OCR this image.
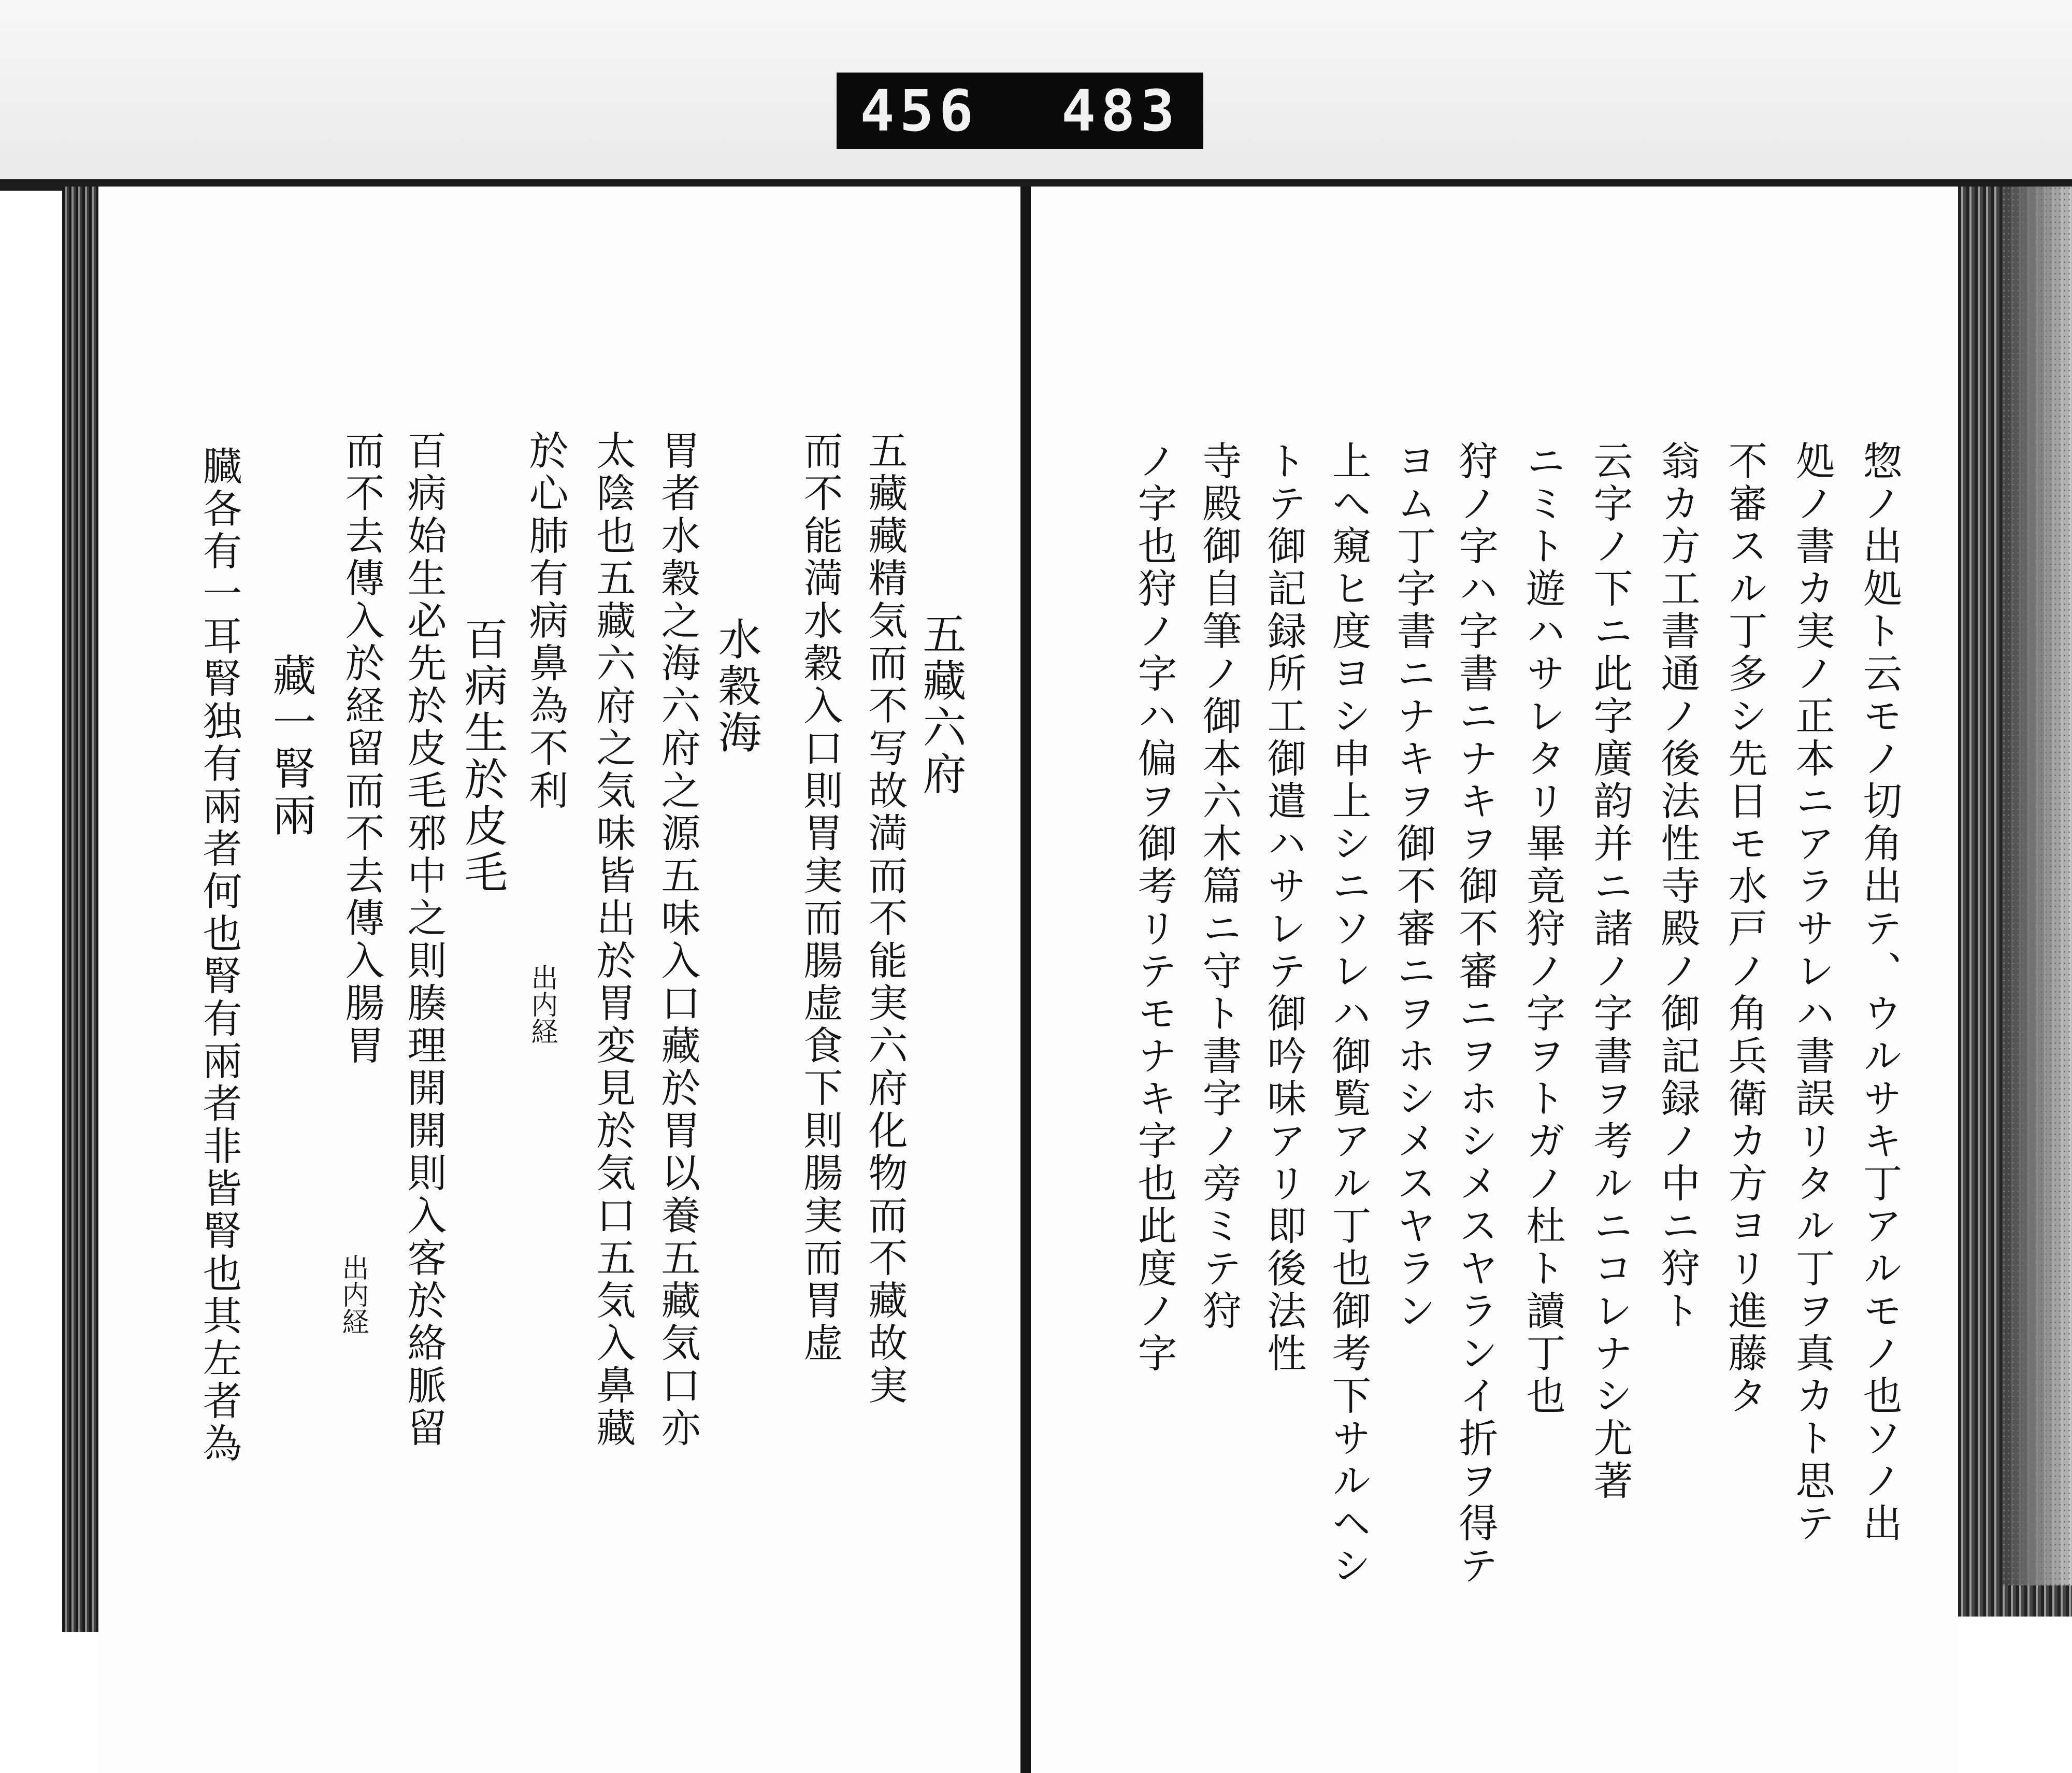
456 483
五藏六府
五藏藏精気而不写故満而不能実六府化物而不藏故実
而不能満水穀入口則胃実而腸虚食下則腸実而胃虚
水穀海
胃者水穀之海六府之源五味入口藏於胃以養五藏気口亦
太陰也五藏六府之気味皆出於胃変見於気口五気入鼻藏
於心肺有病鼻為不利
出内経
百病生於皮毛
百病始生必先於皮毛邪中之則腠理開開則入客於絡脈留
而不去傳入於経留而不去傳入腸胃
出内経
藏一腎兩
臓各有一耳腎独有兩者何也腎有兩者非皆腎也其左者為	惣ノ出処ト云モノ切角出テ、ウルサキ丁アルモノ也ソノ出
処ノ書カ実ノ正本ニアラサレハ書誤リタル丁ヲ真カト思テ
不審スル丁多シ先日モ水戸ノ角兵衛カ方ヨリ進藤タ
翁カ方工書通ノ後法性寺殿ノ御記録ノ中ニ狩ト
云字ノ下ニ此字廣韵并ニ諸ノ字書ヲ考ルニコレナシ尤著
ニミト遊ハサレタリ畢竟狩ノ字ヲトガノ杜ト讀丁也
狩ノ字ハ字書ニナキヲ御不審ニヲホシメスヤランイ折ヲ得テ
ヨム丁字書ニナキヲ御不審ニヲホシメスヤラン
上へ窺ヒ度ヨシ申上シニソレハ御覧アル丁也御考下サルヘシ
トテ御記録所工御遣ハサレテ御吟味アリ即後法性
寺殿御自筆ノ御本六木篇ニ守ト書字ノ旁ミテ狩
ノ字也狩ノ字ハ偏ヲ御考リテモナキ字也此度ノ字
